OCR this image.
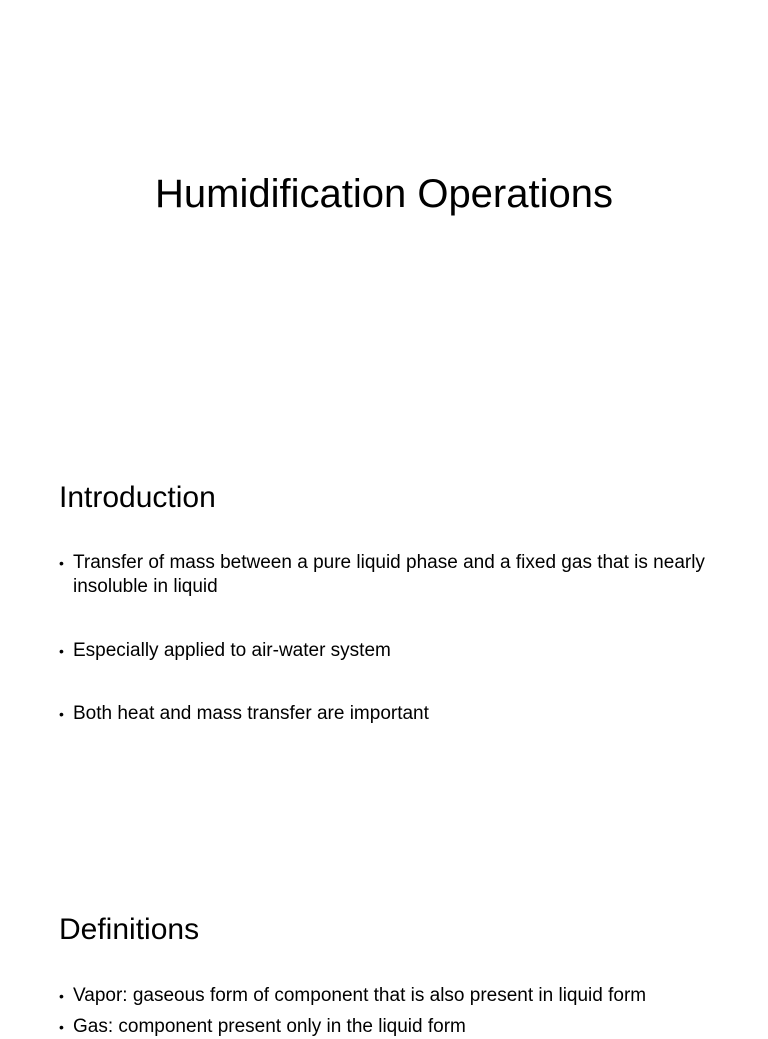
Humidification Operations
Introduction
• Transfer of mass between a pure liquid phase and a fixed gas that is nearly insoluble in liquid
• Especially applied to air-water system
• Both heat and mass transfer are important
Definitions
• Vapor: gaseous form of component that is also present in liquid form
• Gas: component present only in the liquid form
